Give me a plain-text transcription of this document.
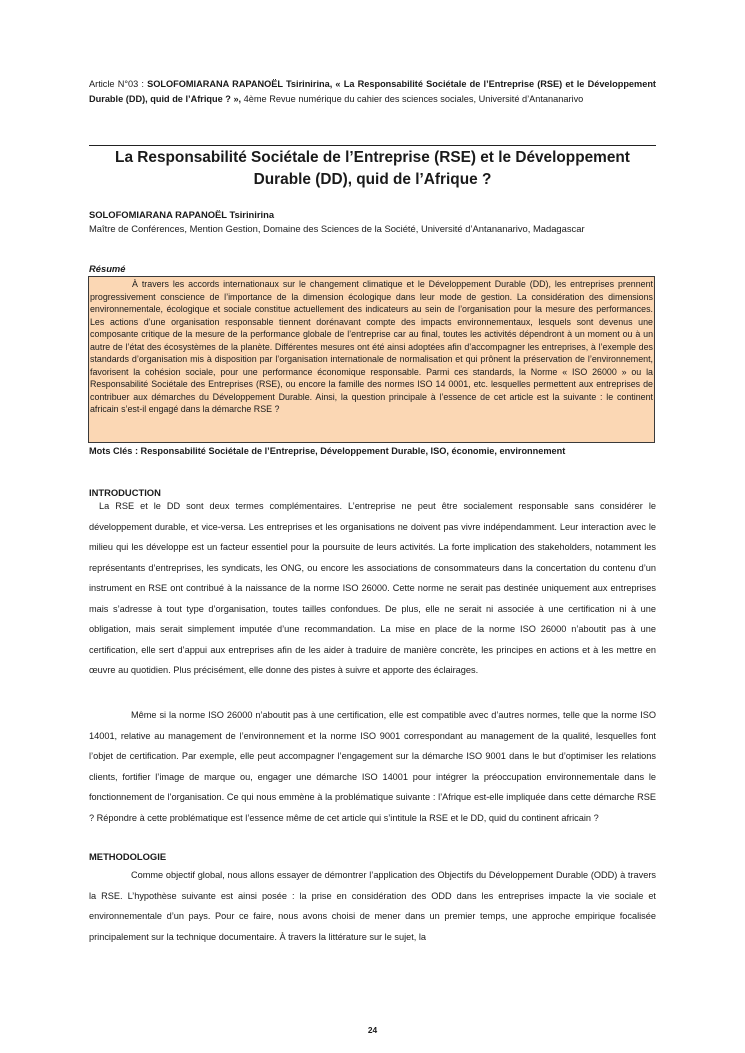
Article N°03 : SOLOFOMIARANA RAPANOËL Tsirinirina, « La Responsabilité Sociétale de l’Entreprise (RSE) et le Développement Durable (DD), quid de l’Afrique ? », 4ème Revue numérique du cahier des sciences sociales, Université d’Antananarivo
La Responsabilité Sociétale de l’Entreprise (RSE) et le Développement Durable (DD), quid de l’Afrique ?
SOLOFOMIARANA RAPANOËL Tsirinirina
Maître de Conférences, Mention Gestion, Domaine des Sciences de la Société, Université d’Antananarivo, Madagascar
Résumé

À travers les accords internationaux sur le changement climatique et le Développement Durable (DD), les entreprises prennent progressivement conscience de l’importance de la dimension écologique dans leur mode de gestion. La considération des dimensions environnementale, écologique et sociale constitue actuellement des indicateurs au sein de l’organisation pour la mesure des performances. Les actions d’une organisation responsable tiennent dorénavant compte des impacts environnementaux, lesquels sont devenus une composante critique de la mesure de la performance globale de l’entreprise car au final, toutes les activités dépendront à un moment ou à un autre de l’état des écosystèmes de la planète. Différentes mesures ont été ainsi adoptées afin d’accompagner les entreprises, à l’exemple des standards d’organisation mis à disposition par l’organisation internationale de normalisation et qui prônent la préservation de l’environnement, favorisent la cohésion sociale, pour une performance économique responsable. Parmi ces standards, la Norme « ISO 26000 » ou la Responsabilité Sociétale des Entreprises (RSE), ou encore la famille des normes ISO 14 0001, etc. lesquelles permettent aux entreprises de contribuer aux démarches du Développement Durable. Ainsi, la question principale à l’essence de cet article est la suivante : le continent africain s’est-il engagé dans la démarche RSE ?

Mots Clés : Responsabilité Sociétale de l’Entreprise, Développement Durable, ISO, économie, environnement
INTRODUCTION

La RSE et le DD sont deux termes complémentaires. L’entreprise ne peut être socialement responsable sans considérer le développement durable, et vice-versa. Les entreprises et les organisations ne doivent pas vivre indépendamment. Leur interaction avec le milieu qui les développe est un facteur essentiel pour la poursuite de leurs activités. La forte implication des stakeholders, notamment les représentants d’entreprises, les syndicats, les ONG, ou encore les associations de consommateurs dans la concertation du contenu d’un instrument en RSE ont contribué à la naissance de la norme ISO 26000. Cette norme ne serait pas destinée uniquement aux entreprises mais s’adresse à tout type d’organisation, toutes tailles confondues. De plus, elle ne serait ni associée à une certification ni à une obligation, mais serait simplement imputée d’une recommandation. La mise en place de la norme ISO 26000 n’aboutit pas à une certification, elle sert d’appui aux entreprises afin de les aider à traduire de manière concrète, les principes en actions et à les mettre en œuvre au quotidien. Plus précisément, elle donne des pistes à suivre et apporte des éclairages.

Même si la norme ISO 26000 n’aboutit pas à une certification, elle est compatible avec d’autres normes, telle que la norme ISO 14001, relative au management de l’environnement et la norme ISO 9001 correspondant au management de la qualité, lesquelles font l’objet de certification. Par exemple, elle peut accompagner l’engagement sur la démarche ISO 9001 dans le but d’optimiser les relations clients, fortifier l’image de marque ou, engager une démarche ISO 14001 pour intégrer la préoccupation environnementale dans le fonctionnement de l’organisation. Ce qui nous emmène à la problématique suivante : l’Afrique est-elle impliquée dans cette démarche RSE ? Répondre à cette problématique est l’essence même de cet article qui s’intitule la RSE et le DD, quid du continent africain ?

METHODOLOGIE

Comme objectif global, nous allons essayer de démontrer l’application des Objectifs du Développement Durable (ODD) à travers la RSE. L’hypothèse suivante est ainsi posée : la prise en considération des ODD dans les entreprises impacte la vie sociale et environnementale d’un pays. Pour ce faire, nous avons choisi de mener dans un premier temps, une approche empirique focalisée principalement sur la technique documentaire. À travers la littérature sur le sujet, la

24
